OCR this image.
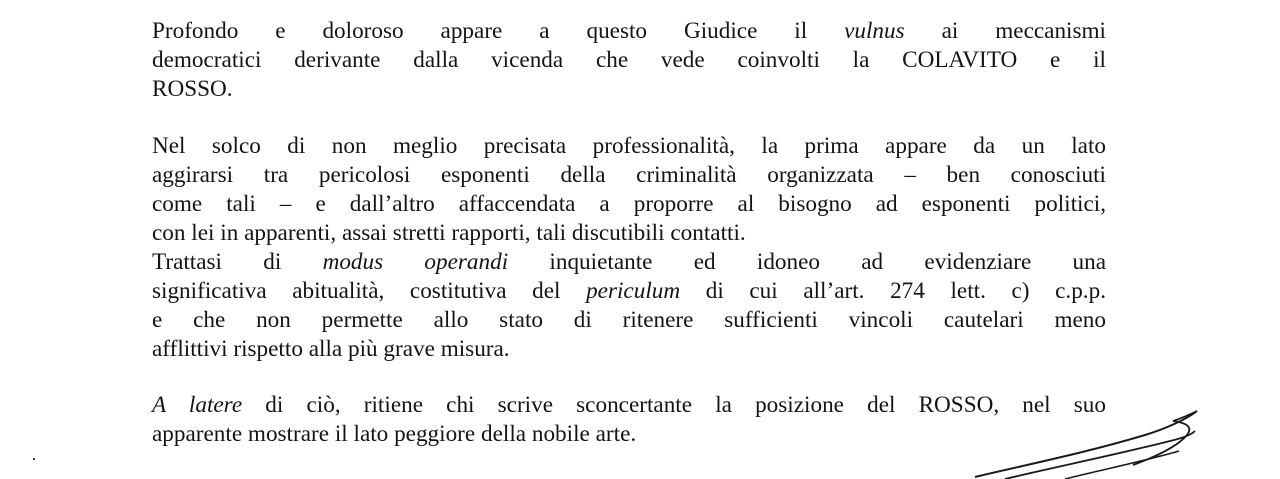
Profondo e doloroso appare a questo Giudice il vulnus ai meccanismi
democratici derivante dalla vicenda che vede coinvolti la COLAVITO e il
ROSSO.
Nel solco di non meglio precisata professionalità, la prima appare da un lato
aggirarsi tra pericolosi esponenti della criminalità organizzata – ben conosciuti
come tali – e dall’altro affaccendata a proporre al bisogno ad esponenti politici,
con lei in apparenti, assai stretti rapporti, tali discutibili contatti.
Trattasi di modus operandi inquietante ed idoneo ad evidenziare una
significativa abitualità, costitutiva del periculum di cui all’art. 274 lett. c) c.p.p.
e che non permette allo stato di ritenere sufficienti vincoli cautelari meno
afflittivi rispetto alla più grave misura.
A latere di ciò, ritiene chi scrive sconcertante la posizione del ROSSO, nel suo
apparente mostrare il lato peggiore della nobile arte.
